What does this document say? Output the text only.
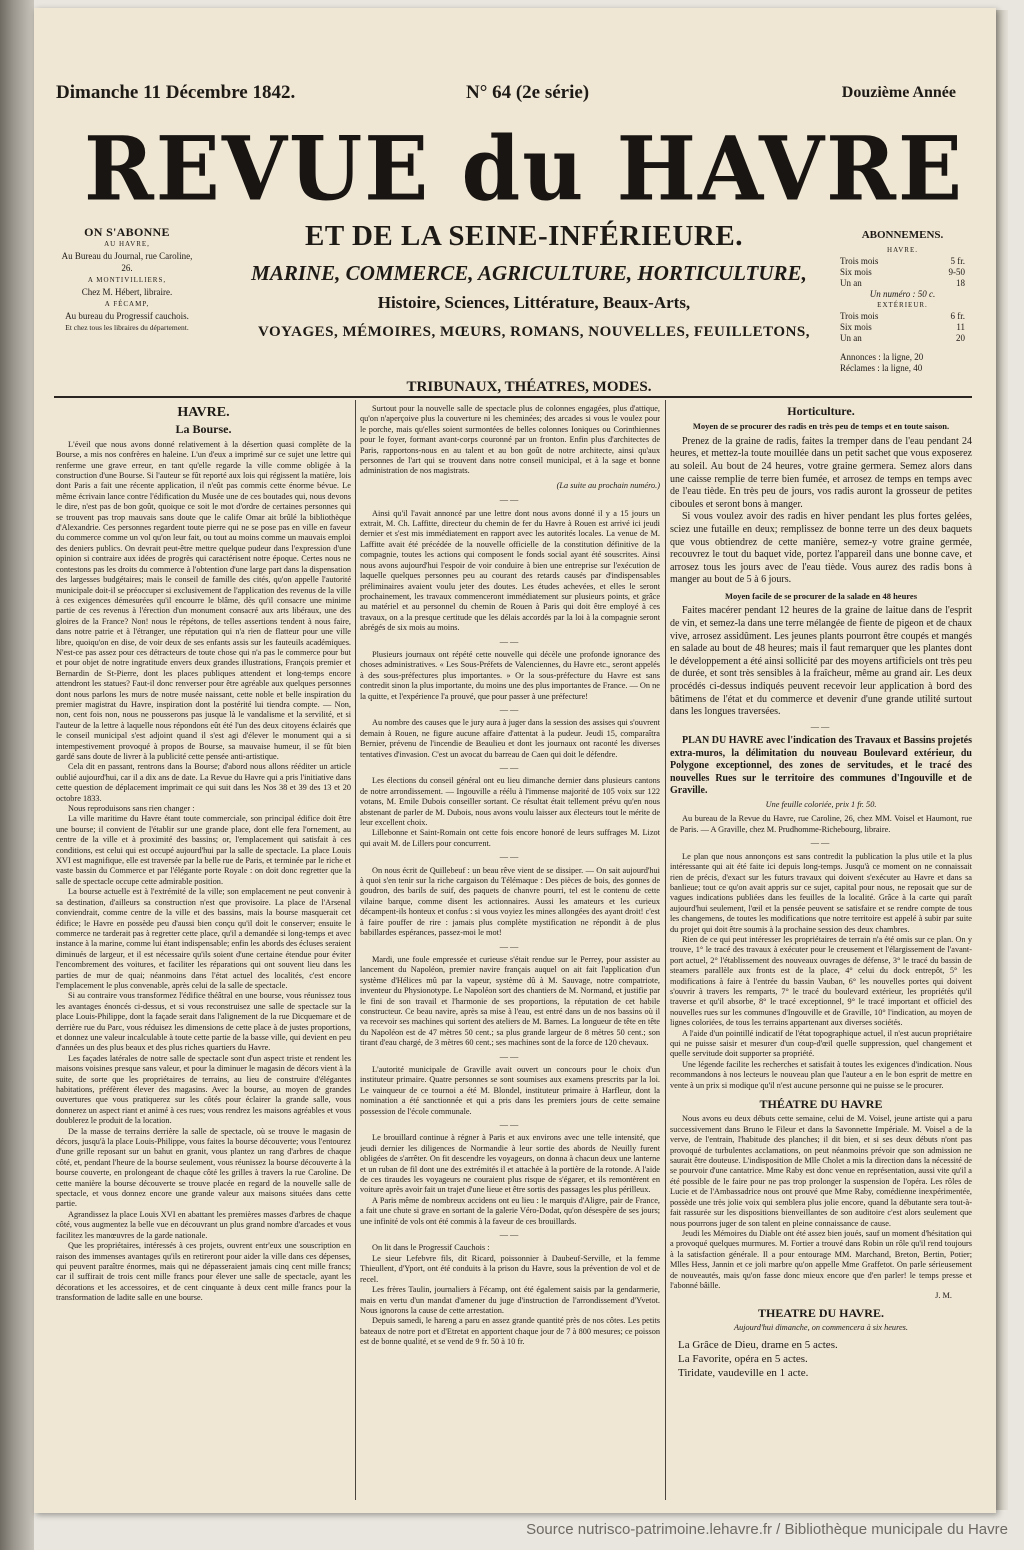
Dimanche 11 Décembre 1842.	N° 64 (2e série)	Douzième Année
REVUE du HAVRE
ET DE LA SEINE-INFÉRIEURE.
MARINE, COMMERCE, AGRICULTURE, HORTICULTURE,
Histoire, Sciences, Littérature, Beaux-Arts,
VOYAGES, MÉMOIRES, MŒURS, ROMANS, NOUVELLES, FEUILLETONS,
TRIBUNAUX, THÉATRES, MODES.
ON S'ABONNE
AU HAVRE,
Au Bureau du Journal, rue Caroline, 26.
A MONTIVILLIERS,
Chez M. Hébert, libraire.
A FÉCAMP,
Au bureau du Progressif cauchois.
Et chez tous les libraires du département.
ABONNEMENS.
HAVRE.
Trois mois	5 fr.
Six mois	9-50
Un an	18
Un numéro : 50 c.
EXTÉRIEUR.
Trois mois	6 fr.
Six mois	11
Un an	20
Annonces : la ligne, 20
Réclames : la ligne, 40
HAVRE.
La Bourse.

L'éveil que nous avons donné relativement à la désertion quasi complète de la Bourse, a mis nos confrères en haleine. L'un d'eux a imprimé sur ce sujet une lettre qui renferme une grave erreur, en tant qu'elle regarde la ville comme obligée à la construction d'une Bourse. Si l'auteur se fût reporté aux lois qui régissent la matière, lois dont Paris a fait une récente application, il n'eût pas commis cette énorme bévue. Le même écrivain lance contre l'édification du Musée une de ces boutades qui, nous devons le dire, n'est pas de bon goût, quoique ce soit le mot d'ordre de certaines personnes qui se trouvent pas trop mauvais sans doute que le calife Omar ait brûlé la bibliothèque d'Alexandrie. Ces personnes regardent toute pierre qui ne se pose pas en ville en faveur du commerce comme un vol qu'on leur fait, ou tout au moins comme un mauvais emploi des deniers publics. On devrait peut-être mettre quelque pudeur dans l'expression d'une opinion si contraire aux idées de progrès qui caractérisent notre époque. Certes nous ne contestons pas les droits du commerce à l'obtention d'une large part dans la dispensation des largesses budgétaires; mais le conseil de famille des cités, qu'on appelle l'autorité municipale doit-il se préoccuper si exclusivement de l'application des revenus de la ville à ces exigences démesurées qu'il encourre le blâme, dès qu'il consacre une minime partie de ces revenus à l'érection d'un monument consacré aux arts libéraux, une des gloires de la France? Non! nous le répétons, de telles assertions tendent à nous faire, dans notre patrie et à l'étranger, une réputation qui n'a rien de flatteur pour une ville libre, quoiqu'on en dise, de voir deux de ses enfants assis sur les fauteuils académiques. N'est-ce pas assez pour ces détracteurs de toute chose qui n'a pas le commerce pour but et pour objet de notre ingratitude envers deux grandes illustrations, François premier et Bernardin de St-Pierre, dont les places publiques attendent et long-temps encore attendront les statues? Faut-il donc renverser pour être agréable aux quelques personnes dont nous parlons les murs de notre musée naissant, cette noble et belle inspiration du premier magistrat du Havre, inspiration dont la postérité lui tiendra compte. — Non, non, cent fois non, nous ne pousserons pas jusque là le vandalisme et la servilité, et si l'auteur de la lettre à laquelle nous répondons eût été l'un des deux citoyens éclairés que le conseil municipal s'est adjoint quand il s'est agi d'élever le monument qui a si intempestivement provoqué à propos de Bourse, sa mauvaise humeur, il se fût bien gardé sans doute de livrer à la publicité cette pensée anti-artistique.

Cela dit en passant, rentrons dans la Bourse; d'abord nous allons rééditer un article oublié aujourd'hui, car il a dix ans de date. La Revue du Havre qui a pris l'initiative dans cette question de déplacement imprimait ce qui suit dans les Nos 38 et 39 des 13 et 20 octobre 1833.

Nous reproduisons sans rien changer :

La ville maritime du Havre étant toute commerciale, son principal édifice doit être une bourse; il convient de l'établir sur une grande place, dont elle fera l'ornement, au centre de la ville et à proximité des bassins; or, l'emplacement qui satisfait à ces conditions, est celui qui est occupé aujourd'hui par la salle de spectacle. La place Louis XVI est magnifique, elle est traversée par la belle rue de Paris, et terminée par le riche et vaste bassin du Commerce et par l'élégante porte Royale : on doit donc regretter que la salle de spectacle occupe cette admirable position.

La bourse actuelle est à l'extrémité de la ville; son emplacement ne peut convenir à sa destination, d'ailleurs sa construction n'est que provisoire. La place de l'Arsenal conviendrait, comme centre de la ville et des bassins, mais la bourse masquerait cet édifice; le Havre en possède peu d'aussi bien conçu qu'il doit le conserver; ensuite le commerce ne tarderait pas à regretter cette place, qu'il a demandée si long-temps et avec instance à la marine, comme lui étant indispensable; enfin les abords des écluses seraient diminués de largeur, et il est nécessaire qu'ils soient d'une certaine étendue pour éviter l'encombrement des voitures, et faciliter les réparations qui ont souvent lieu dans les parties de mur de quai; néanmoins dans l'état actuel des localités, c'est encore l'emplacement le plus convenable, après celui de la salle de spectacle.

Si au contraire vous transformez l'édifice théâtral en une bourse, vous réunissez tous les avantages énoncés ci-dessus, et si vous reconstruisez une salle de spectacle sur la place Louis-Philippe, dont la façade serait dans l'alignement de la rue Dicquemare et de derrière rue du Parc, vous réduisez les dimensions de cette place à de justes proportions, et donnez une valeur incalculable à toute cette partie de la basse ville, qui devient en peu d'années un des plus beaux et des plus riches quartiers du Havre.

Les façades latérales de notre salle de spectacle sont d'un aspect triste et rendent les maisons voisines presque sans valeur, et pour la diminuer le magasin de décors vient à la suite, de sorte que les propriétaires de terrains, au lieu de construire d'élégantes habitations, préfèrent élever des magasins. Avec la bourse, au moyen de grandes ouvertures que vous pratiquerez sur les côtés pour éclairer la grande salle, vous donnerez un aspect riant et animé à ces rues; vous rendrez les maisons agréables et vous doublerez le produit de la location.

De la masse de terrains derrière la salle de spectacle, où se trouve le magasin de décors, jusqu'à la place Louis-Philippe, vous faites la bourse découverte; vous l'entourez d'une grille reposant sur un bahut en granit, vous plantez un rang d'arbres de chaque côté, et, pendant l'heure de la bourse seulement, vous réunissez la bourse découverte à la bourse couverte, en prolongeant de chaque côté les grilles à travers la rue Caroline. De cette manière la bourse découverte se trouve placée en regard de la nouvelle salle de spectacle, et vous donnez encore une grande valeur aux maisons situées dans cette partie.

Agrandissez la place Louis XVI en abattant les premières masses d'arbres de chaque côté, vous augmentez la belle vue en découvrant un plus grand nombre d'arcades et vous facilitez les manœuvres de la garde nationale.

Que les propriétaires, intéressés à ces projets, ouvrent entr'eux une souscription en raison des immenses avantages qu'ils en retireront pour aider la ville dans ces dépenses, qui peuvent paraître énormes, mais qui ne dépasseraient jamais cinq cent mille francs; car il suffirait de trois cent mille francs pour élever une salle de spectacle, ayant les décorations et les accessoires, et de cent cinquante à deux cent mille francs pour la transformation de ladite salle en une bourse.

Surtout pour la nouvelle salle de spectacle plus de colonnes engagées, plus d'attique, qu'on n'aperçoive plus la couverture ni les cheminées; des arcades si vous le voulez pour le porche, mais qu'elles soient surmontées de belles colonnes Ioniques ou Corinthiennes pour le foyer, formant avant-corps couronné par un fronton. Enfin plus d'architectes de Paris, rapportons-nous en au talent et au bon goût de notre architecte, ainsi qu'aux personnes de l'art qui se trouvent dans notre conseil municipal, et à la sage et bonne administration de nos magistrats.

(La suite au prochain numéro.)
——

Ainsi qu'il l'avait annoncé par une lettre dont nous avons donné il y a 15 jours un extrait, M. Ch. Laffitte, directeur du chemin de fer du Havre à Rouen est arrivé ici jeudi dernier et s'est mis immédiatement en rapport avec les autorités locales. La venue de M. Laffitte avait été précédée de la nouvelle officielle de la constitution définitive de la compagnie, toutes les actions qui composent le fonds social ayant été souscrites. Ainsi nous avons aujourd'hui l'espoir de voir conduire à bien une entreprise sur l'exécution de laquelle quelques personnes peu au courant des retards causés par d'indispensables préliminaires avaient voulu jeter des doutes. Les études achevées, et elles le seront prochainement, les travaux commenceront immédiatement sur plusieurs points, et grâce au matériel et au personnel du chemin de Rouen à Paris qui doit être employé à ces travaux, on a la presque certitude que les délais accordés par la loi à la compagnie seront abrégés de six mois au moins.

——

Plusieurs journaux ont répété cette nouvelle qui décèle une profonde ignorance des choses administratives. « Les Sous-Préfets de Valenciennes, du Havre etc., seront appelés à des sous-préfectures plus importantes. » Or la sous-préfecture du Havre est sans contredit sinon la plus importante, du moins une des plus importantes de France. — On ne la quitte, et l'expérience l'a prouvé, que pour passer à une préfecture!

——

Au nombre des causes que le jury aura à juger dans la session des assises qui s'ouvrent demain à Rouen, ne figure aucune affaire d'attentat à la pudeur. Jeudi 15, comparaîtra Bernier, prévenu de l'incendie de Beaulieu et dont les journaux ont raconté les diverses tentatives d'invasion. C'est un avocat du barreau de Caen qui doit le défendre.

——

Les élections du conseil général ont eu lieu dimanche dernier dans plusieurs cantons de notre arrondissement. — Ingouville a réélu à l'immense majorité de 105 voix sur 122 votans, M. Emile Dubois conseiller sortant. Ce résultat était tellement prévu qu'en nous abstenant de parler de M. Dubois, nous avons voulu laisser aux électeurs tout le mérite de leur excellent choix.

Lillebonne et Saint-Romain ont cette fois encore honoré de leurs suffrages M. Lizot qui avait M. de Lillers pour concurrent.

——

On nous écrit de Quillebeuf : un beau rêve vient de se dissiper. — On sait aujourd'hui à quoi s'en tenir sur la riche cargaison du Télémaque : Des pièces de bois, des gonnes de goudron, des barils de suif, des paquets de chanvre pourri, tel est le contenu de cette vilaine barque, comme disent les actionnaires. Aussi les amateurs et les curieux décampent-ils honteux et confus : si vous voyiez les mines allongées des ayant droit! c'est à faire pouffer de rire : jamais plus complète mystification ne répondit à de plus babillardes espérances, passez-moi le mot!

——

Mardi, une foule empressée et curieuse s'était rendue sur le Perrey, pour assister au lancement du Napoléon, premier navire français auquel on ait fait l'application d'un système d'Hélices mû par la vapeur, système dû à M. Sauvage, notre compatriote, inventeur du Physionotype. Le Napoléon sort des chantiers de M. Normand, et justifie par le fini de son travail et l'harmonie de ses proportions, la réputation de cet habile constructeur. Ce beau navire, après sa mise à l'eau, est entré dans un de nos bassins où il va recevoir ses machines qui sortent des ateliers de M. Barnes. La longueur de tête en tête du Napoléon est de 47 mètres 50 cent.; sa plus grande largeur de 8 mètres 50 cent.; son tirant d'eau chargé, de 3 mètres 60 cent.; ses machines sont de la force de 120 chevaux.

——

L'autorité municipale de Graville avait ouvert un concours pour le choix d'un instituteur primaire. Quatre personnes se sont soumises aux examens prescrits par la loi. Le vainqueur de ce tournoi a été M. Blondel, instituteur primaire à Harfleur, dont la nomination a été sanctionnée et qui a pris dans les premiers jours de cette semaine possession de l'école communale.

——

Le brouillard continue à régner à Paris et aux environs avec une telle intensité, que jeudi dernier les diligences de Normandie à leur sortie des abords de Neuilly furent obligées de s'arrêter. On fit descendre les voyageurs, on donna à chacun deux une lanterne et un ruban de fil dont une des extrémités il et attachée à la portière de la rotonde. A l'aide de ces tiraudes les voyageurs ne couraient plus risque de s'égarer, et ils remontèrent en voiture après avoir fait un trajet d'une lieue et être sortis des passages les plus périlleux.

A Paris même de nombreux accidens ont eu lieu : le marquis d'Aligre, pair de France, a fait une chute si grave en sortant de la galerie Véro-Dodat, qu'on désespère de ses jours; une infinité de vols ont été commis à la faveur de ces brouillards.

——

On lit dans le Progressif Cauchois :

Le sieur Lefebvre fils, dit Ricard, poissonnier à Daubeuf-Serville, et la femme Thieullent, d'Yport, ont été conduits à la prison du Havre, sous la prévention de vol et de recel.

Les frères Taulin, journaliers à Fécamp, ont été également saisis par la gendarmerie, mais en vertu d'un mandat d'amener du juge d'instruction de l'arrondissement d'Yvetot. Nous ignorons la cause de cette arrestation.

Depuis samedi, le hareng a paru en assez grande quantité près de nos côtes. Les petits bateaux de notre port et d'Etretat en apportent chaque jour de 7 à 800 mesures; ce poisson est de bonne qualité, et se vend de 9 fr. 50 à 10 fr.

Horticulture.
Moyen de se procurer des radis en très peu de temps et en toute saison.

Prenez de la graine de radis, faites la tremper dans de l'eau pendant 24 heures, et mettez-la toute mouillée dans un petit sachet que vous exposerez au soleil. Au bout de 24 heures, votre graine germera. Semez alors dans une caisse remplie de terre bien fumée, et arrosez de temps en temps avec de l'eau tiède. En très peu de jours, vos radis auront la grosseur de petites ciboules et seront bons à manger.

Si vous voulez avoir des radis en hiver pendant les plus fortes gelées, sciez une futaille en deux; remplissez de bonne terre un des deux baquets que vous obtiendrez de cette manière, semez-y votre graine germée, recouvrez le tout du baquet vide, portez l'appareil dans une bonne cave, et arrosez tous les jours avec de l'eau tiède. Vous aurez des radis bons à manger au bout de 5 à 6 jours.

Moyen facile de se procurer de la salade en 48 heures

Faites macérer pendant 12 heures de la graine de laitue dans de l'esprit de vin, et semez-la dans une terre mélangée de fiente de pigeon et de chaux vive, arrosez assidûment. Les jeunes plants pourront être coupés et mangés en salade au bout de 48 heures; mais il faut remarquer que les plantes dont le développement a été ainsi sollicité par des moyens artificiels ont très peu de durée, et sont très sensibles à la fraîcheur, même au grand air. Les deux procédés ci-dessus indiqués peuvent recevoir leur application à bord des bâtimens de l'état et du commerce et devenir d'une grande utilité surtout dans les longues traversées.

——

PLAN DU HAVRE avec l'indication des Travaux et Bassins projetés extra-muros, la délimitation du nouveau Boulevard extérieur, du Polygone exceptionnel, des zones de servitudes, et le tracé des nouvelles Rues sur le territoire des communes d'Ingouville et de Graville.

Une feuille coloriée, prix 1 fr. 50.

Au bureau de la Revue du Havre, rue Caroline, 26, chez MM. Voisel et Haumont, rue de Paris. — A Graville, chez M. Prudhomme-Richebourg, libraire.

——

Le plan que nous annonçons est sans contredit la publication la plus utile et la plus intéressante qui ait été faite ici depuis long-temps. Jusqu'à ce moment on ne connaissait rien de précis, d'exact sur les futurs travaux qui doivent s'exécuter au Havre et dans sa banlieue; tout ce qu'on avait appris sur ce sujet, capital pour nous, ne reposait que sur de vagues indications publiées dans les feuilles de la localité. Grâce à la carte qui paraît aujourd'hui seulement, l'œil et la pensée peuvent se satisfaire et se rendre compte de tous les changemens, de toutes les modifications que notre territoire est appelé à subir par suite du projet qui doit être soumis à la prochaine session des deux chambres.

Rien de ce qui peut intéresser les propriétaires de terrain n'a été omis sur ce plan. On y trouve, 1° le tracé des travaux à exécuter pour le creusement et l'élargissement de l'avant-port actuel, 2° l'établissement des nouveaux ouvrages de défense, 3° le tracé du bassin de steamers parallèle aux fronts est de la place, 4° celui du dock entrepôt, 5° les modifications à faire à l'entrée du bassin Vauban, 6° les nouvelles portes qui doivent s'ouvrir à travers les remparts, 7° le tracé du boulevard extérieur, les propriétés qu'il traverse et qu'il absorbe, 8° le tracé exceptionnel, 9° le tracé important et officiel des nouvelles rues sur les communes d'Ingouville et de Graville, 10° l'indication, au moyen de lignes coloriées, de tous les terrains appartenant aux diverses sociétés.

A l'aide d'un pointillé indicatif de l'état topographique actuel, il n'est aucun propriétaire qui ne puisse saisir et mesurer d'un coup-d'œil quelle suppression, quel changement et quelle servitude doit supporter sa propriété.

Une légende facilite les recherches et satisfait à toutes les exigences d'indication. Nous recommandons à nos lecteurs le nouveau plan que l'auteur a en le bon esprit de mettre en vente à un prix si modique qu'il n'est aucune personne qui ne puisse se le procurer.

THÉATRE DU HAVRE

Nous avons eu deux débuts cette semaine, celui de M. Voisel, jeune artiste qui a paru successivement dans Bruno le Fileur et dans la Savonnette Impériale. M. Voisel a de la verve, de l'entrain, l'habitude des planches; il dit bien, et si ses deux débuts n'ont pas provoqué de turbulentes acclamations, on peut néanmoins prévoir que son admission ne saurait être douteuse. L'indisposition de Mlle Cholet a mis la direction dans la nécessité de se pourvoir d'une cantatrice. Mme Raby est donc venue en représentation, aussi vite qu'il a été possible de le faire pour ne pas trop prolonger la suspension de l'opéra. Les rôles de Lucie et de l'Ambassadrice nous ont prouvé que Mme Raby, comédienne inexpérimentée, possède une très jolie voix qui semblera plus jolie encore, quand la débutante sera tout-à-fait rassurée sur les dispositions bienveillantes de son auditoire c'est alors seulement que nous pourrons juger de son talent en pleine connaissance de cause.

Jeudi les Mémoires du Diable ont été assez bien joués, sauf un moment d'hésitation qui a provoqué quelques murmures. M. Fortier a trouvé dans Robin un rôle qu'il rend toujours à la satisfaction générale. Il a pour entourage MM. Marchand, Breton, Bertin, Potier; Mlles Hess, Jannin et ce joli marbre qu'on appelle Mme Graffetot. On parle sérieusement de nouveautés, mais qu'on fasse donc mieux encore que d'en parler! le temps presse et l'abonné bâille.

J. M.
THEATRE DU HAVRE.
Aujourd'hui dimanche, on commencera à six heures.

La Grâce de Dieu, drame en 5 actes.

La Favorite, opéra en 5 actes.

Tiridate, vaudeville en 1 acte.

Source nutrisco-patrimoine.lehavre.fr / Bibliothèque municipale du Havre
